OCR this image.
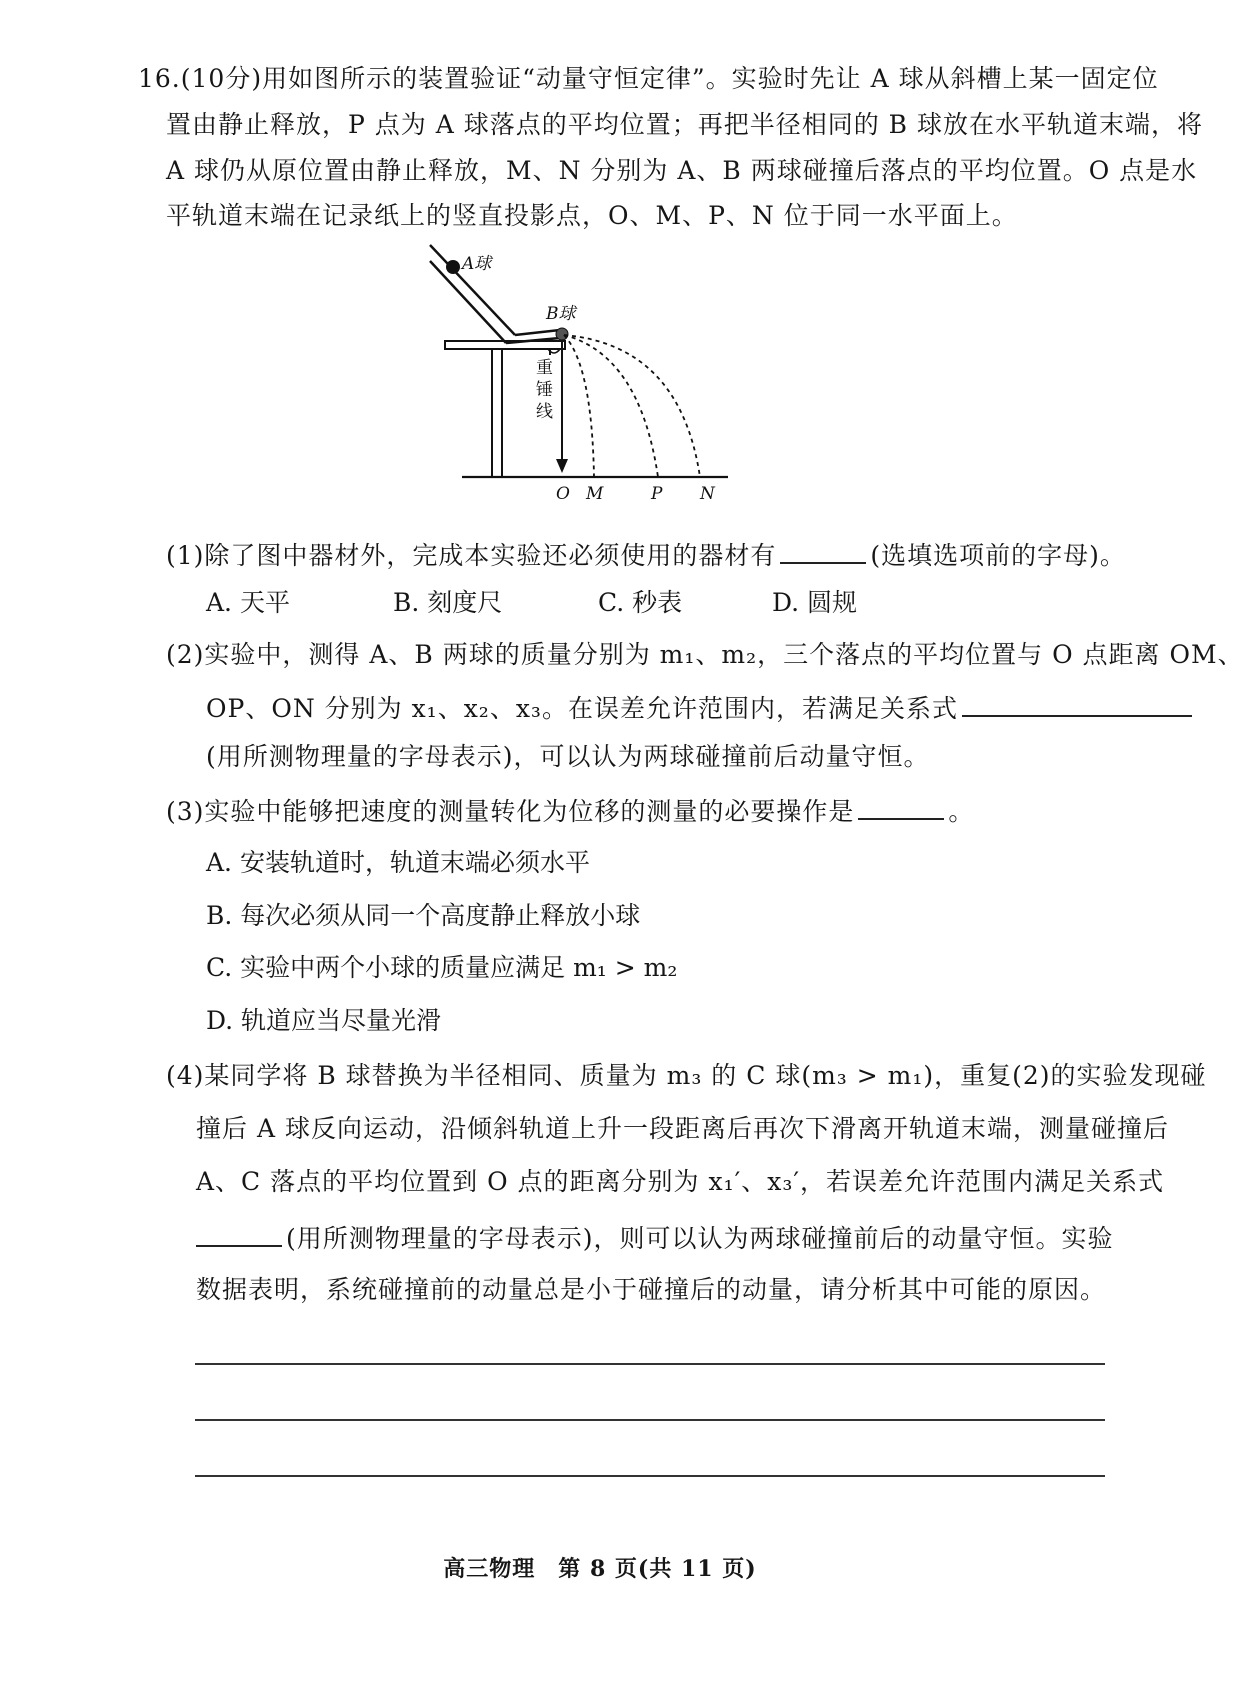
16.(10分)用如图所示的装置验证“动量守恒定律”。实验时先让 A 球从斜槽上某一固定位
置由静止释放，P 点为 A 球落点的平均位置；再把半径相同的 B 球放在水平轨道末端，将
A 球仍从原位置由静止释放，M、N 分别为 A、B 两球碰撞后落点的平均位置。O 点是水
平轨道末端在记录纸上的竖直投影点，O、M、P、N 位于同一水平面上。
A球
B球
重
锤
线
O M	P N
(1)除了图中器材外，完成本实验还必须使用的器材有	(选填选项前的字母)。
A. 天平	B. 刻度尺	C. 秒表	D. 圆规
(2)实验中，测得 A、B 两球的质量分别为 m₁、m₂，三个落点的平均位置与 O 点距离 OM、
OP、ON 分别为 x₁、x₂、x₃。在误差允许范围内，若满足关系式
(用所测物理量的字母表示)，可以认为两球碰撞前后动量守恒。
(3)实验中能够把速度的测量转化为位移的测量的必要操作是	。
A. 安装轨道时，轨道末端必须水平
B. 每次必须从同一个高度静止释放小球
C. 实验中两个小球的质量应满足 m₁ > m₂
D. 轨道应当尽量光滑
(4)某同学将 B 球替换为半径相同、质量为 m₃ 的 C 球(m₃ > m₁)，重复(2)的实验发现碰
撞后 A 球反向运动，沿倾斜轨道上升一段距离后再次下滑离开轨道末端，测量碰撞后
A、C 落点的平均位置到 O 点的距离分别为 x₁′、x₃′，若误差允许范围内满足关系式
(用所测物理量的字母表示)，则可以认为两球碰撞前后的动量守恒。实验
数据表明，系统碰撞前的动量总是小于碰撞后的动量，请分析其中可能的原因。
高三物理　第 8 页(共 11 页)
